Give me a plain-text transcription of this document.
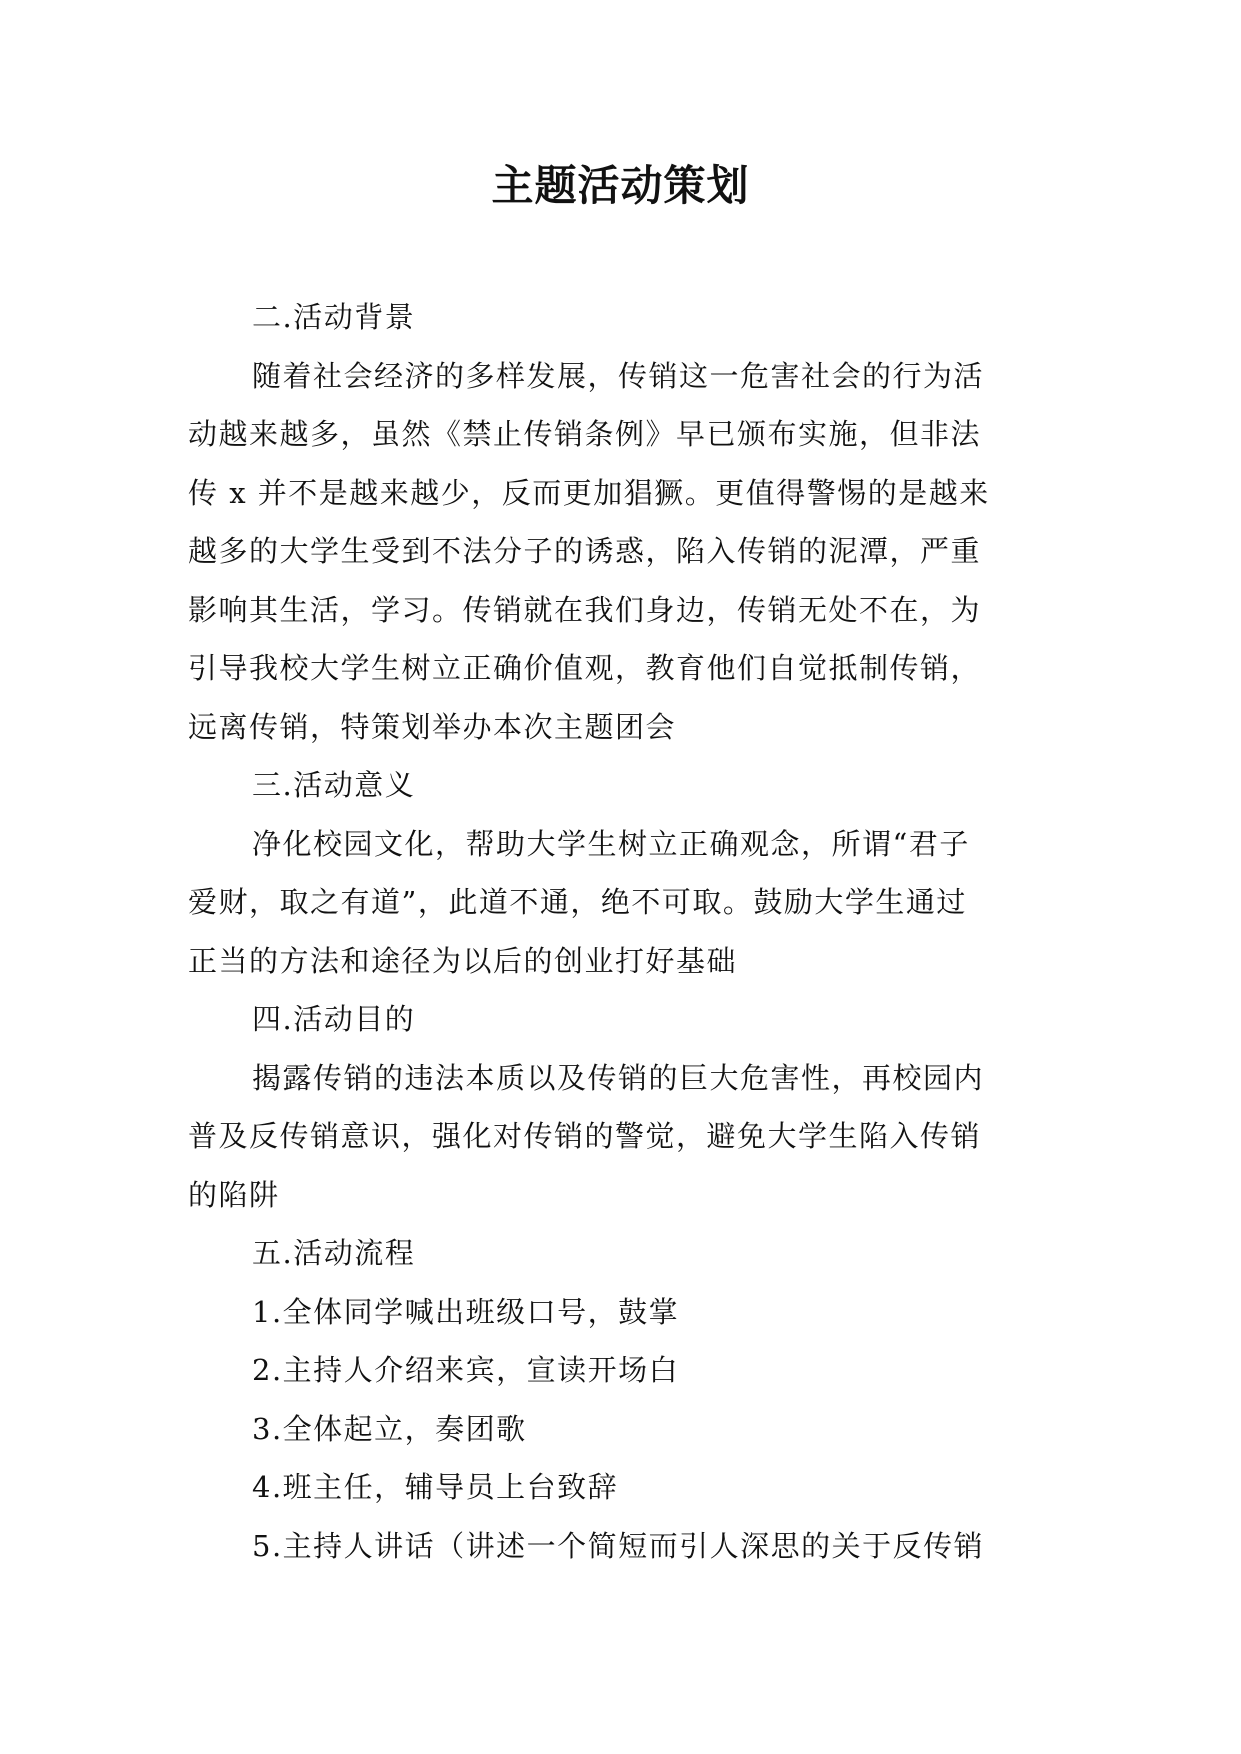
主题活动策划

二.活动背景

随着社会经济的多样发展，传销这一危害社会的行为活

动越来越多，虽然《禁止传销条例》早已颁布实施，但非法

传 x 并不是越来越少，反而更加猖獗。更值得警惕的是越来

越多的大学生受到不法分子的诱惑，陷入传销的泥潭，严重

影响其生活，学习。传销就在我们身边，传销无处不在，为

引导我校大学生树立正确价值观，教育他们自觉抵制传销，

远离传销，特策划举办本次主题团会

三.活动意义

净化校园文化，帮助大学生树立正确观念，所谓“君子

爱财，取之有道”，此道不通，绝不可取。鼓励大学生通过

正当的方法和途径为以后的创业打好基础

四.活动目的

揭露传销的违法本质以及传销的巨大危害性，再校园内

普及反传销意识，强化对传销的警觉，避免大学生陷入传销

的陷阱

五.活动流程

1.全体同学喊出班级口号，鼓掌

2.主持人介绍来宾，宣读开场白

3.全体起立，奏团歌

4.班主任，辅导员上台致辞

5.主持人讲话（讲述一个简短而引人深思的关于反传销
